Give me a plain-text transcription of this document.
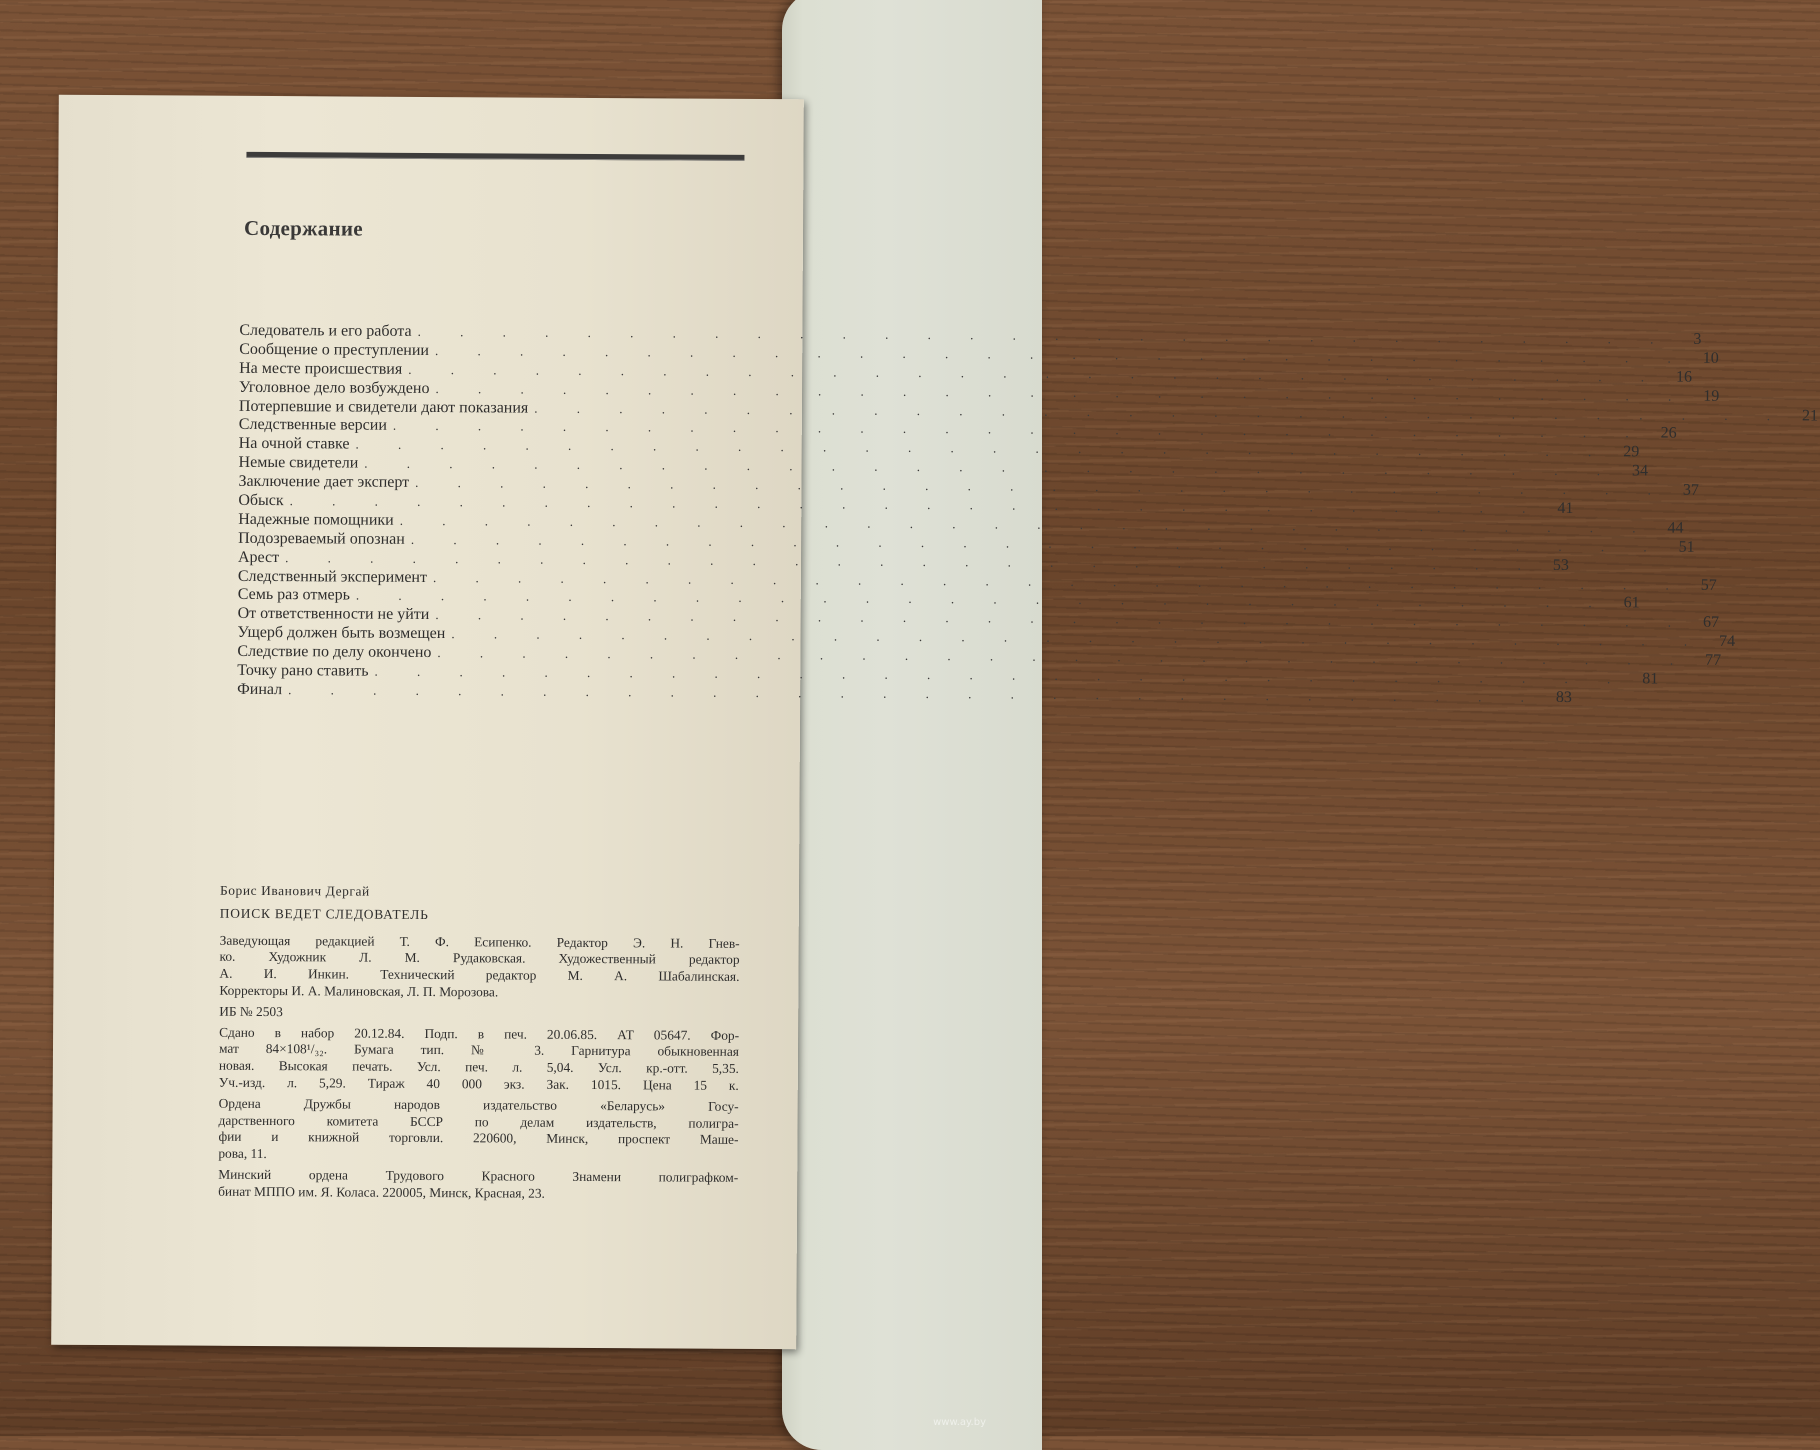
Содержание
Следователь и его работа . . . . . . . . . . . . . . . . . . . . . . . . . . . . . .	3
Сообщение о преступлении . . . . . . . . . . . . . . . . . . . . . . . . . . . . . . 10
На месте происшествия . . . . . . . . . . . . . . . . . . . . . . . . . . . . . . 16
Уголовное дело возбуждено . . . . . . . . . . . . . . . . . . . . . . . . . . . . . . 19
Потерпевшие и свидетели дают показания . . . . . . . . . . . . . . . . . . . . . . . . . . . . . . 21
Следственные версии . . . . . . . . . . . . . . . . . . . . . . . . . . . . . . 26
На очной ставке . . . . . . . . . . . . . . . . . . . . . . . . . . . . . . 29
Немые свидетели . . . . . . . . . . . . . . . . . . . . . . . . . . . . . . 34
Заключение дает эксперт . . . . . . . . . . . . . . . . . . . . . . . . . . . . . . 37
Обыск . . . . . . . . . . . . . . . . . . . . . . . . . . . . . . 41
Надежные помощники . . . . . . . . . . . . . . . . . . . . . . . . . . . . . . 44
Подозреваемый опознан . . . . . . . . . . . . . . . . . . . . . . . . . . . . . . 51
Арест . . . . . . . . . . . . . . . . . . . . . . . . . . . . . . 53
Следственный эксперимент . . . . . . . . . . . . . . . . . . . . . . . . . . . . . . 57
Семь раз отмерь . . . . . . . . . . . . . . . . . . . . . . . . . . . . . . 61
От ответственности не уйти . . . . . . . . . . . . . . . . . . . . . . . . . . . . . . 67
Ущерб должен быть возмещен . . . . . . . . . . . . . . . . . . . . . . . . . . . . . . 74
Следствие по делу окончено . . . . . . . . . . . . . . . . . . . . . . . . . . . . . . 77
Точку рано ставить . . . . . . . . . . . . . . . . . . . . . . . . . . . . . . 81
Финал . . . . . . . . . . . . . . . . . . . . . . . . . . . . . . 83
Борис Иванович Дергай
ПОИСК ВЕДЕТ СЛЕДОВАТЕЛЬ
Заведующая редакцией Т. Ф. Есипенко. Редактор Э. Н. Гнев-
ко. Художник Л. М. Рудаковская. Художественный редактор
А. И. Инкин. Технический редактор М. А. Шабалинская.
Корректоры И. А. Малиновская, Л. П. Морозова.
ИБ № 2503
Сдано в набор 20.12.84. Подп. в печ. 20.06.85. АТ 05647. Фор-
мат 84×108¹/₃₂. Бумага тип. № 3. Гарнитура обыкновенная
новая. Высокая печать. Усл. печ. л. 5,04. Усл. кр.-отт. 5,35.
Уч.-изд. л. 5,29. Тираж 40 000 экз. Зак. 1015. Цена 15 к.
Ордена Дружбы народов издательство «Беларусь» Госу-
дарственного комитета БССР по делам издательств, полигра-
фии и книжной торговли. 220600, Минск, проспект Маше-
рова, 11.
Минский ордена Трудового Красного Знамени полиграфком-
бинат МППО им. Я. Коласа. 220005, Минск, Красная, 23.
www.ay.by
